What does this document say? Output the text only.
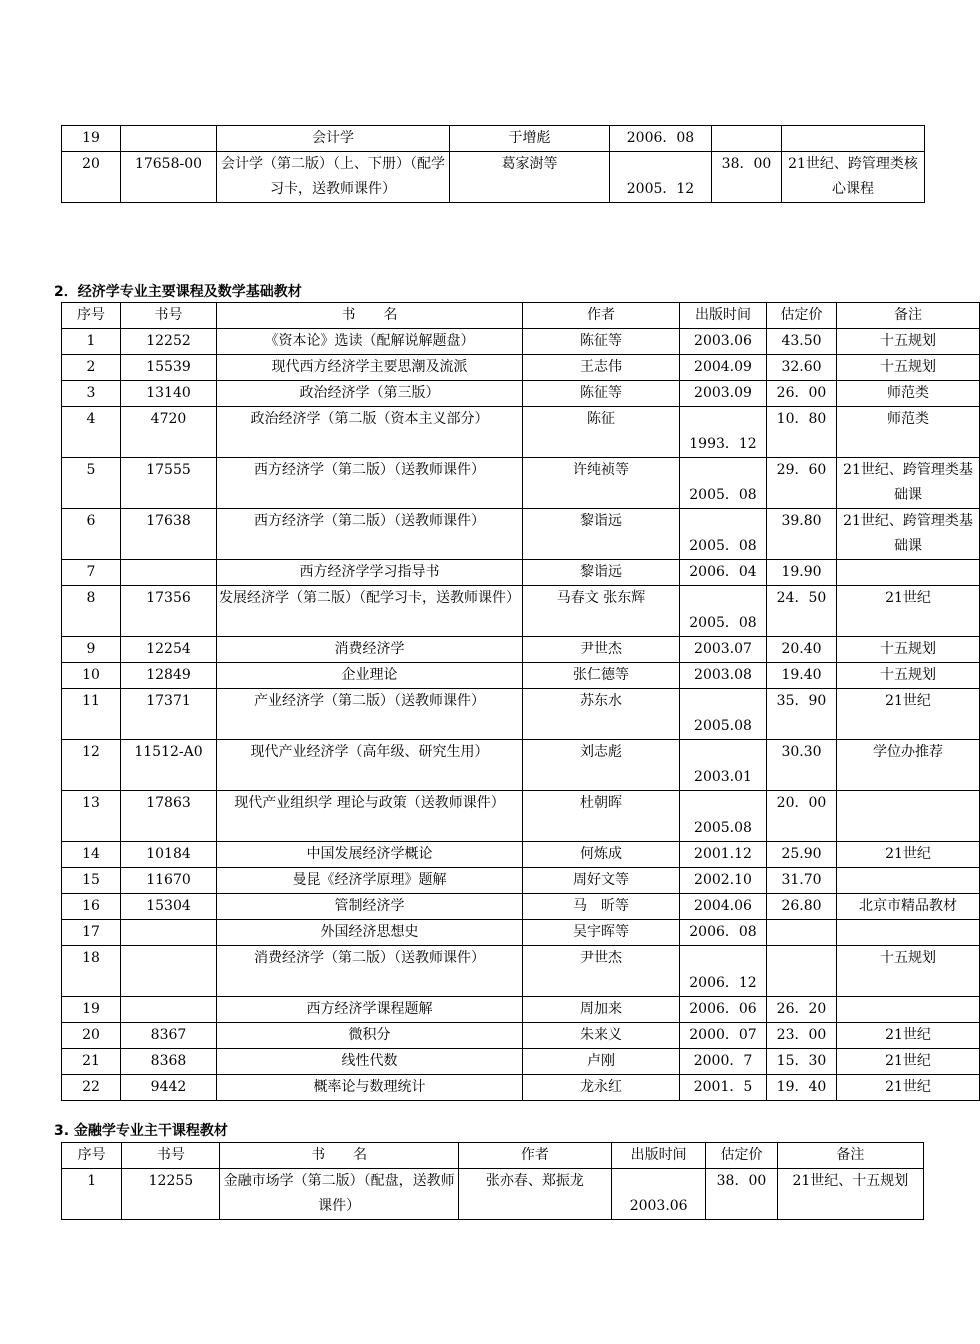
19		会计学	于增彪	2006．08		
20	17658-00	会计学（第二版）（上、下册）（配学习卡，送教师课件）	葛家澍等	2005．12	38．00	21世纪、跨管理类核心课程
2．经济学专业主要课程及数学基础教材
序号	书号	书　　名	作者	出版时间	估定价	备注
1	12252	《资本论》选读（配解说解题盘）	陈征等	2003.06	43.50	十五规划
2	15539	现代西方经济学主要思潮及流派	王志伟	2004.09	32.60	十五规划
3	13140	政治经济学（第三版）	陈征等	2003.09	26．00	师范类
4	4720	政治经济学（第二版（资本主义部分）	陈征	1993．12	10．80	师范类
5	17555	西方经济学（第二版）（送教师课件）	许纯祯等	2005．08	29．60	21世纪、跨管理类基础课
6	17638	西方经济学（第二版）（送教师课件）	黎诣远	2005．08	39.80	21世纪、跨管理类基础课
7		西方经济学学习指导书	黎诣远	2006．04	19.90	
8	17356	发展经济学（第二版）（配学习卡，送教师课件）	马春文 张东辉	2005．08	24．50	21世纪
9	12254	消费经济学	尹世杰	2003.07	20.40	十五规划
10	12849	企业理论	张仁德等	2003.08	19.40	十五规划
11	17371	产业经济学（第二版）（送教师课件）	苏东水	2005.08	35．90	21世纪
12	11512-A0	现代产业经济学（高年级、研究生用）	刘志彪	2003.01	30.30	学位办推荐
13	17863	现代产业组织学 理论与政策（送教师课件）	杜朝晖	2005.08	20．00	
14	10184	中国发展经济学概论	何炼成	2001.12	25.90	21世纪
15	11670	曼昆《经济学原理》题解	周好文等	2002.10	31.70	
16	15304	管制经济学	马　昕等	2004.06	26.80	北京市精品教材
17		外国经济思想史	吴宇晖等	2006．08		
18		消费经济学（第二版）（送教师课件）	尹世杰	2006．12		十五规划
19		西方经济学课程题解	周加来	2006．06	26．20	
20	8367	微积分	朱来义	2000．07	23．00	21世纪
21	8368	线性代数	卢刚	2000．7	15．30	21世纪
22	9442	概率论与数理统计	龙永红	2001．5	19．40	21世纪
3. 金融学专业主干课程教材
序号	书号	书　　名	作者	出版时间	估定价	备注
1	12255	金融市场学（第二版）（配盘，送教师课件）	张亦春、郑振龙	2003.06	38．00	21世纪、十五规划
